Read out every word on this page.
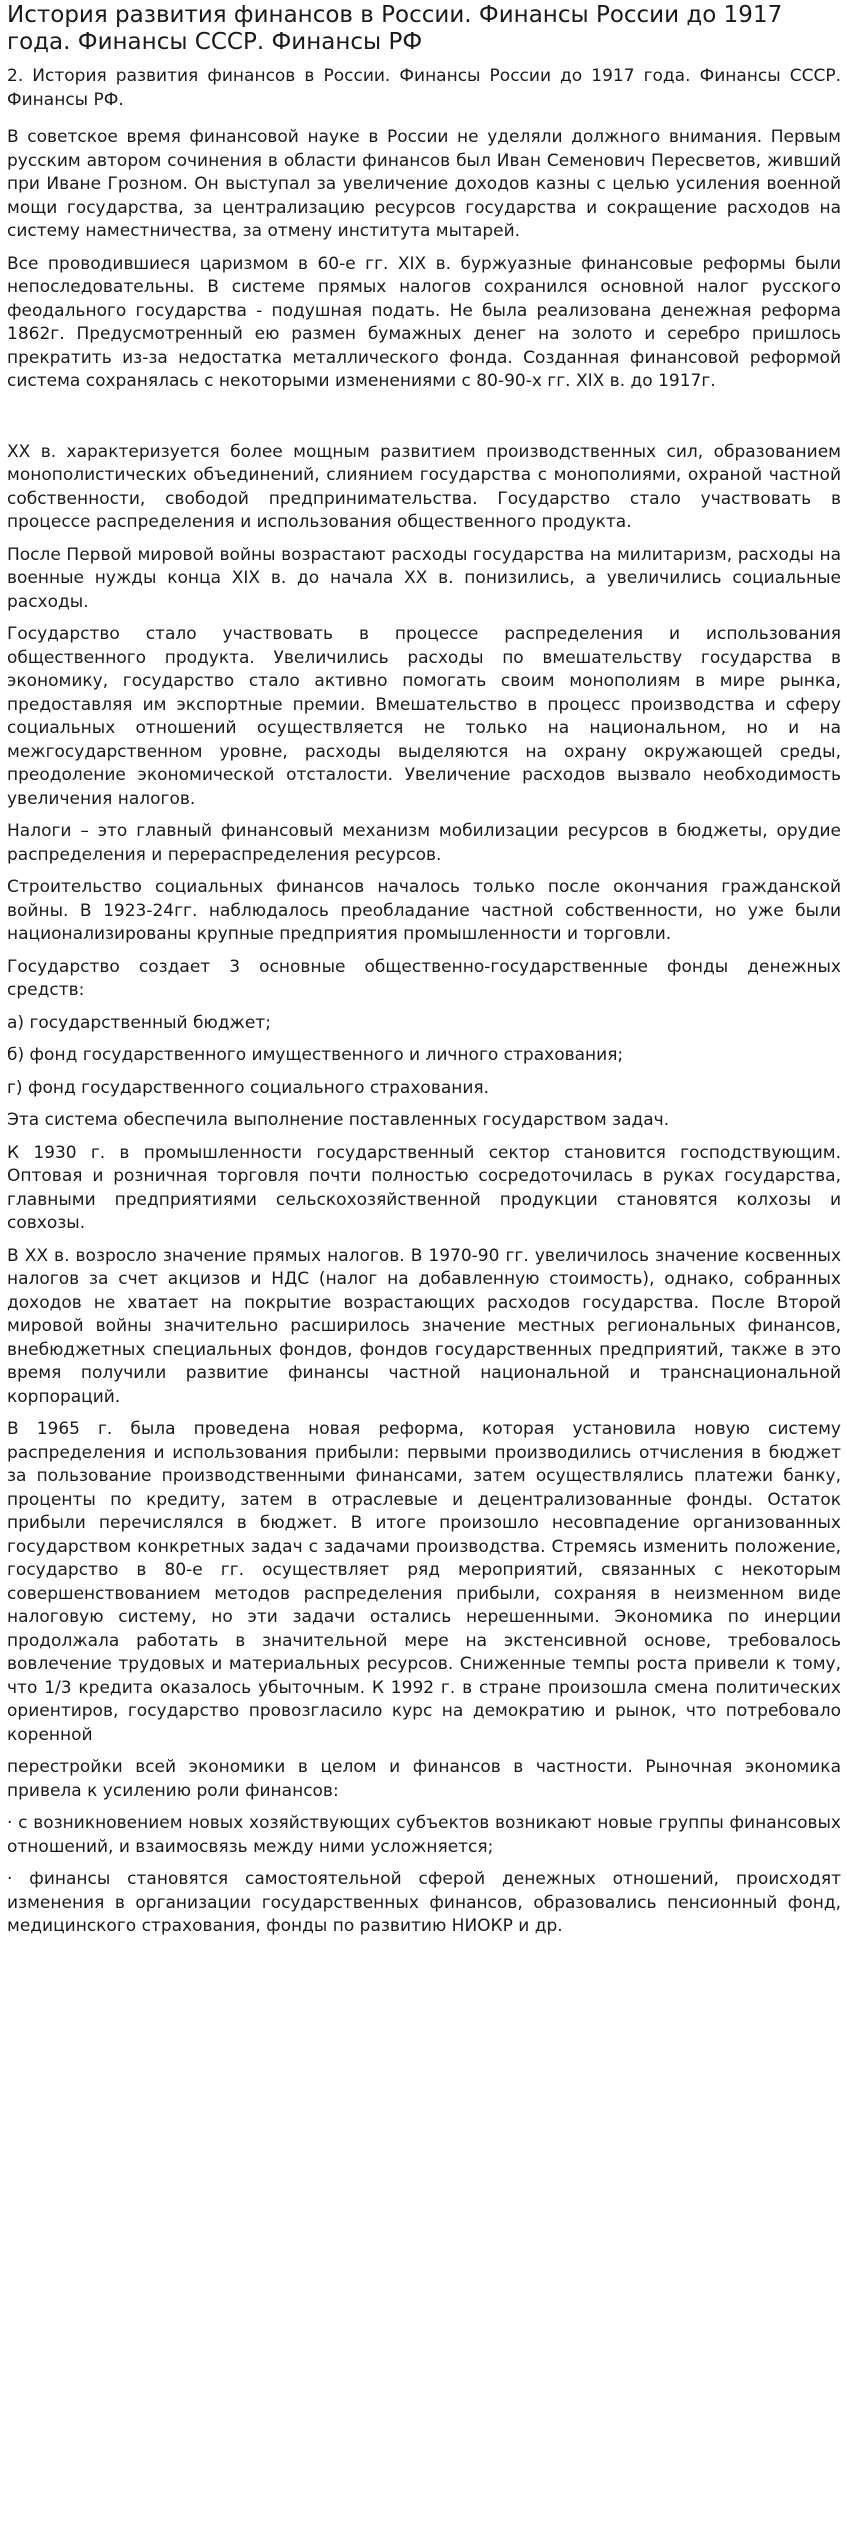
История развития финансов в России. Финансы России до 1917 года. Финансы СССР. Финансы РФ

2. История развития финансов в России. Финансы России до 1917 года. Финансы СССР. Финансы РФ.

В советское время финансовой науке в России не уделяли должного внимания. Первым русским автором сочинения в области финансов был Иван Семенович Пересветов, живший при Иване Грозном. Он выступал за увеличение доходов казны с целью усиления военной мощи государства, за централизацию ресурсов государства и сокращение расходов на систему наместничества, за отмену института мытарей.

Все проводившиеся царизмом в 60-е гг. XIX в. буржуазные финансовые реформы были непоследовательны. В системе прямых налогов сохранился основной налог русского феодального государства - подушная подать. Не была реализована денежная реформа 1862г. Предусмотренный ею размен бумажных денег на золото и серебро пришлось прекратить из-за недостатка металлического фонда. Созданная финансовой реформой система сохранялась с некоторыми изменениями с 80-90-х гг. XIX в. до 1917г.

XX в. характеризуется более мощным развитием производственных сил, образованием монополистических объединений, слиянием государства с монополиями, охраной частной собственности, свободой предпринимательства. Государство стало участвовать в процессе распределения и использования общественного продукта.

После Первой мировой войны возрастают расходы государства на милитаризм, расходы на военные нужды конца XIX в. до начала XX в. понизились, а увеличились социальные расходы.

Государство стало участвовать в процессе распределения и использования общественного продукта. Увеличились расходы по вмешательству государства в экономику, государство стало активно помогать своим монополиям в мире рынка, предоставляя им экспортные премии. Вмешательство в процесс производства и сферу социальных отношений осуществляется не только на национальном, но и на межгосударственном уровне, расходы выделяются на охрану окружающей среды, преодоление экономической отсталости. Увеличение расходов вызвало необходимость увеличения налогов.

Налоги – это главный финансовый механизм мобилизации ресурсов в бюджеты, орудие распределения и перераспределения ресурсов.

Строительство социальных финансов началось только после окончания гражданской войны. В 1923-24гг. наблюдалось преобладание частной собственности, но уже были национализированы крупные предприятия промышленности и торговли.

Государство создает 3 основные общественно-государственные фонды денежных средств:

а) государственный бюджет;

б) фонд государственного имущественного и личного страхования;

г) фонд государственного социального страхования.

Эта система обеспечила выполнение поставленных государством задач.

К 1930 г. в промышленности государственный сектор становится господствующим. Оптовая и розничная торговля почти полностью сосредоточилась в руках государства, главными предприятиями сельскохозяйственной продукции становятся колхозы и совхозы.

В XX в. возросло значение прямых налогов. В 1970-90 гг. увеличилось значение косвенных налогов за счет акцизов и НДС (налог на добавленную стоимость), однако, собранных доходов не хватает на покрытие возрастающих расходов государства. После Второй мировой войны значительно расширилось значение местных региональных финансов, внебюджетных специальных фондов, фондов государственных предприятий, также в это время получили развитие финансы частной национальной и транснациональной корпораций.

В 1965 г. была проведена новая реформа, которая установила новую систему распределения и использования прибыли: первыми производились отчисления в бюджет за пользование производственными финансами, затем осуществлялись платежи банку, проценты по кредиту, затем в отраслевые и децентрализованные фонды. Остаток прибыли перечислялся в бюджет. В итоге произошло несовпадение организованных государством конкретных задач с задачами производства. Стремясь изменить положение, государство в 80-е гг. осуществляет ряд мероприятий, связанных с некоторым совершенствованием методов распределения прибыли, сохраняя в неизменном виде налоговую систему, но эти задачи остались нерешенными. Экономика по инерции продолжала работать в значительной мере на экстенсивной основе, требовалось вовлечение трудовых и материальных ресурсов. Сниженные темпы роста привели к тому, что 1/3 кредита оказалось убыточным. К 1992 г. в стране произошла смена политических ориентиров, государство провозгласило курс на демократию и рынок, что потребовало коренной

перестройки всей экономики в целом и финансов в частности. Рыночная экономика привела к усилению роли финансов:

· с возникновением новых хозяйствующих субъектов возникают новые группы финансовых отношений, и взаимосвязь между ними усложняется;

· финансы становятся самостоятельной сферой денежных отношений, происходят изменения в организации государственных финансов, образовались пенсионный фонд, медицинского страхования, фонды по развитию НИОКР и др.
